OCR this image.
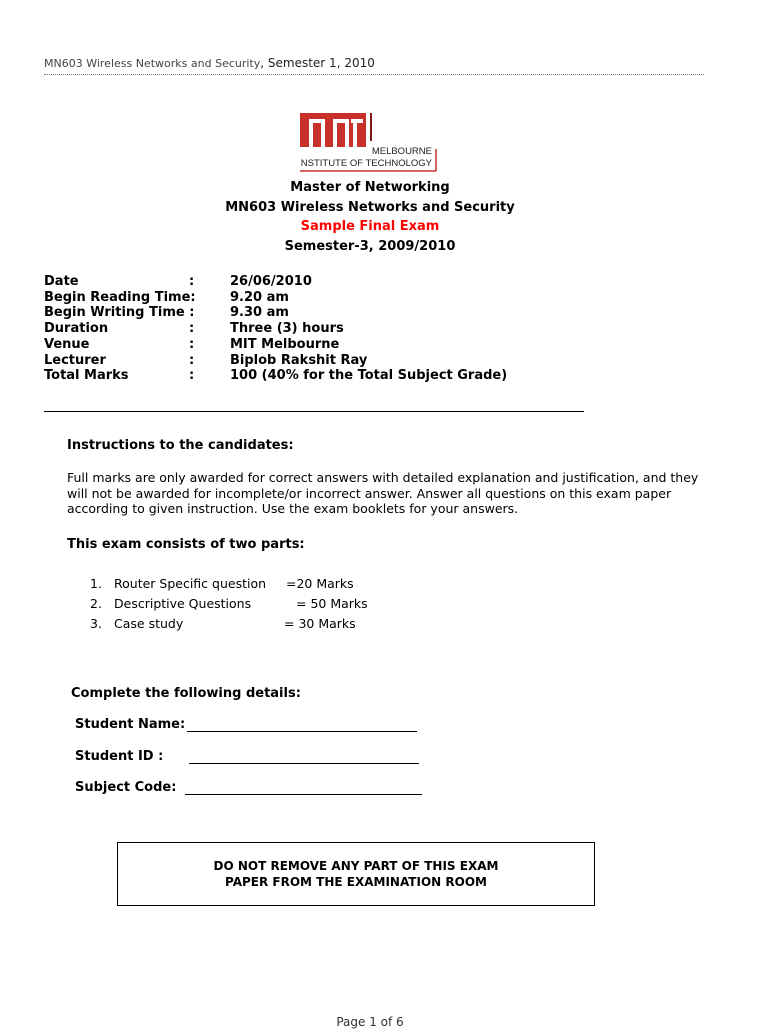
MN603 Wireless Networks and Security, Semester 1, 2010
MELBOURNE
INSTITUTE OF TECHNOLOGY
Master of Networking
MN603 Wireless Networks and Security
Sample Final Exam
Semester-3, 2009/2010
Date	:	26/06/2010
Begin Reading Time:	9.20 am
Begin Writing Time :	9.30 am
Duration	:	Three (3) hours
Venue	:	MIT Melbourne
Lecturer	:	Biplob Rakshit Ray
Total Marks	:	100 (40% for the Total Subject Grade)
Instructions to the candidates:
Full marks are only awarded for correct answers with detailed explanation and justification, and they will not be awarded for incomplete/or incorrect answer. Answer all questions on this exam paper according to given instruction. Use the exam booklets for your answers.
This exam consists of two parts:
1. Router Specific question =20 Marks
2. Descriptive Questions	= 50 Marks
3. Case study	= 30 Marks
Complete the following details:
Student Name:
Student ID :
Subject Code:
DO NOT REMOVE ANY PART OF THIS EXAM
PAPER FROM THE EXAMINATION ROOM
Page 1 of 6
